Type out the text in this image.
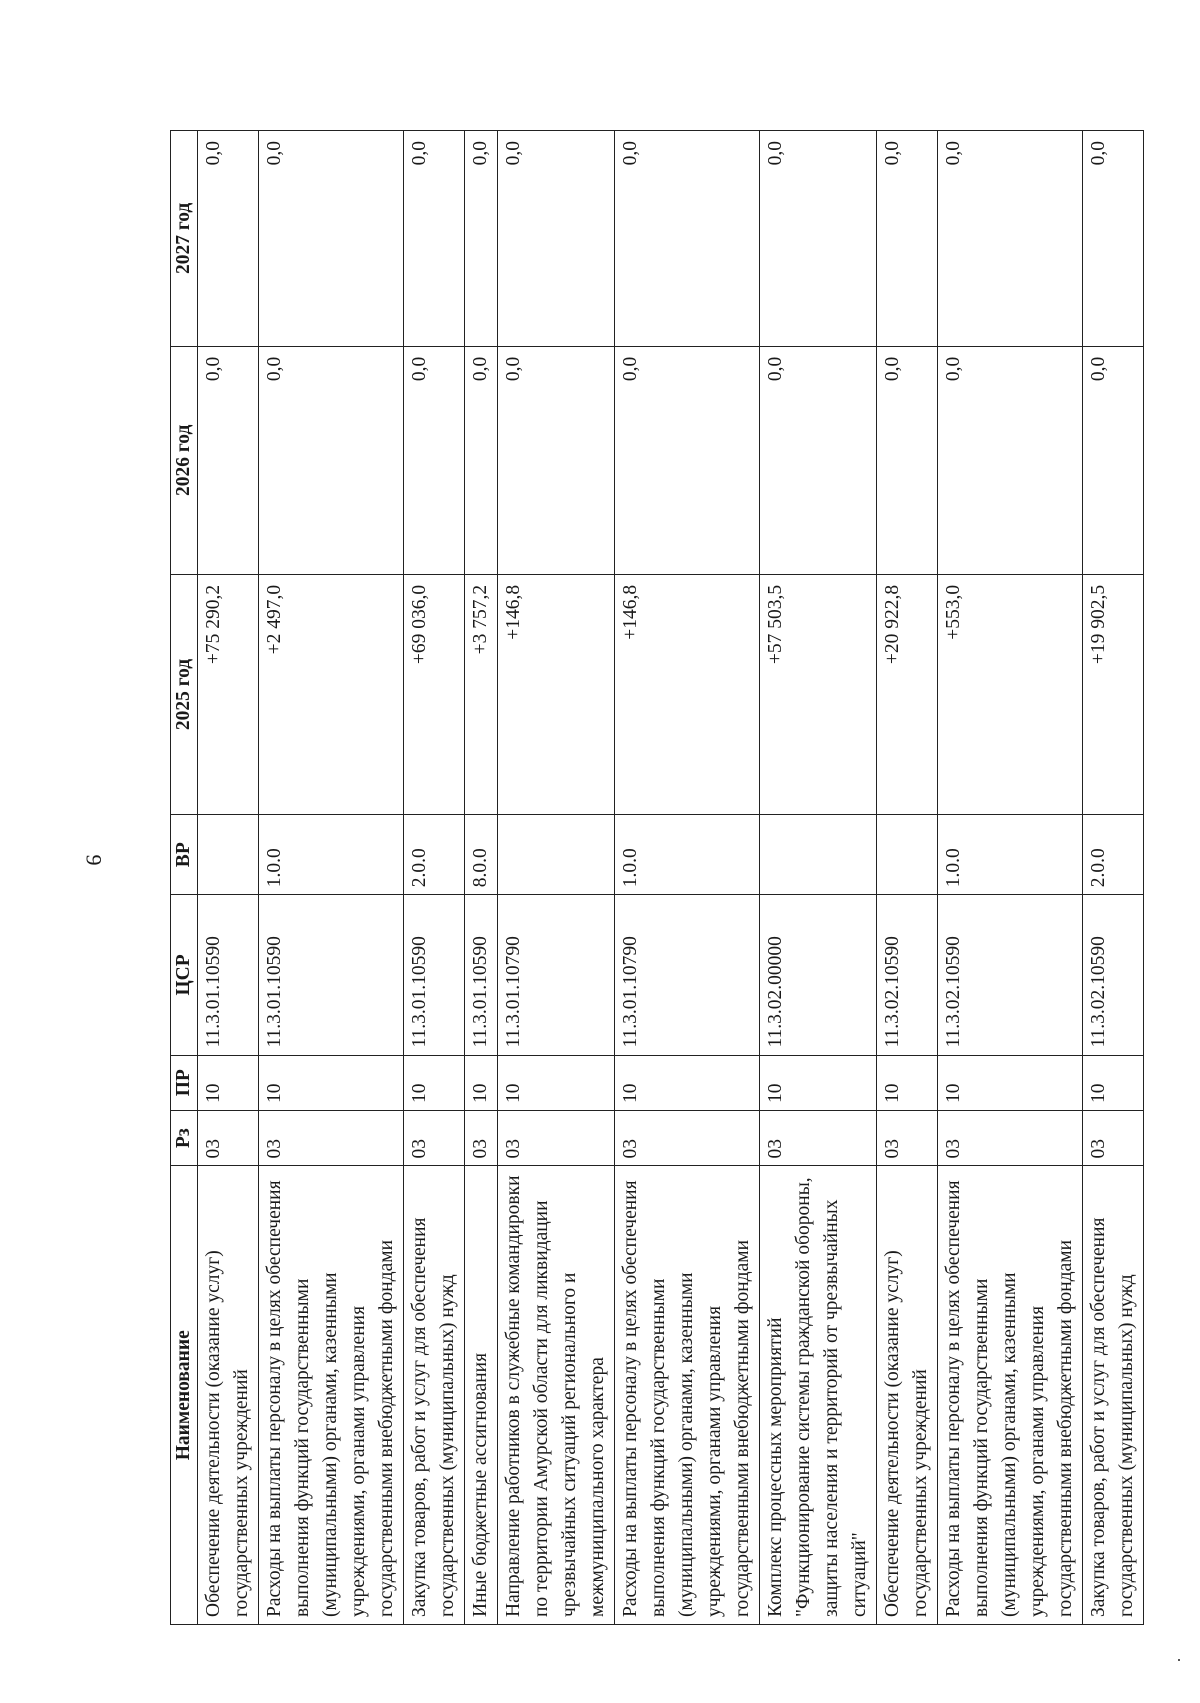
9
Наименование	Рз	ПР	ЦСР	ВР	2025 год	2026 год	2027 год
Обеспечение деятельности (оказание услуг) государственных учреждений	03	10	11.3.01.10590		+75 290,2	0,0	0,0
Расходы на выплаты персоналу в целях обеспечения выполнения функций государственными (муниципальными) органами, казенными учреждениями, органами управления государственными внебюджетными фондами	03	10	11.3.01.10590	1.0.0	+2 497,0	0,0	0,0
Закупка товаров, работ и услуг для обеспечения государственных (муниципальных) нужд	03	10	11.3.01.10590	2.0.0	+69 036,0	0,0	0,0
Иные бюджетные ассигнования	03	10	11.3.01.10590	8.0.0	+3 757,2	0,0	0,0
Направление работников в служебные командировки по территории Амурской области для ликвидации чрезвычайных ситуаций регионального и межмуниципального характера	03	10	11.3.01.10790		+146,8	0,0	0,0
Расходы на выплаты персоналу в целях обеспечения выполнения функций государственными (муниципальными) органами, казенными учреждениями, органами управления государственными внебюджетными фондами	03	10	11.3.01.10790	1.0.0	+146,8	0,0	0,0
Комплекс процессных мероприятий "Функционирование системы гражданской обороны, защиты населения и территорий от чрезвычайных ситуаций"	03	10	11.3.02.00000		+57 503,5	0,0	0,0
Обеспечение деятельности (оказание услуг) государственных учреждений	03	10	11.3.02.10590		+20 922,8	0,0	0,0
Расходы на выплаты персоналу в целях обеспечения выполнения функций государственными (муниципальными) органами, казенными учреждениями, органами управления государственными внебюджетными фондами	03	10	11.3.02.10590	1.0.0	+553,0	0,0	0,0
Закупка товаров, работ и услуг для обеспечения государственных (муниципальных) нужд	03	10	11.3.02.10590	2.0.0	+19 902,5	0,0	0,0
